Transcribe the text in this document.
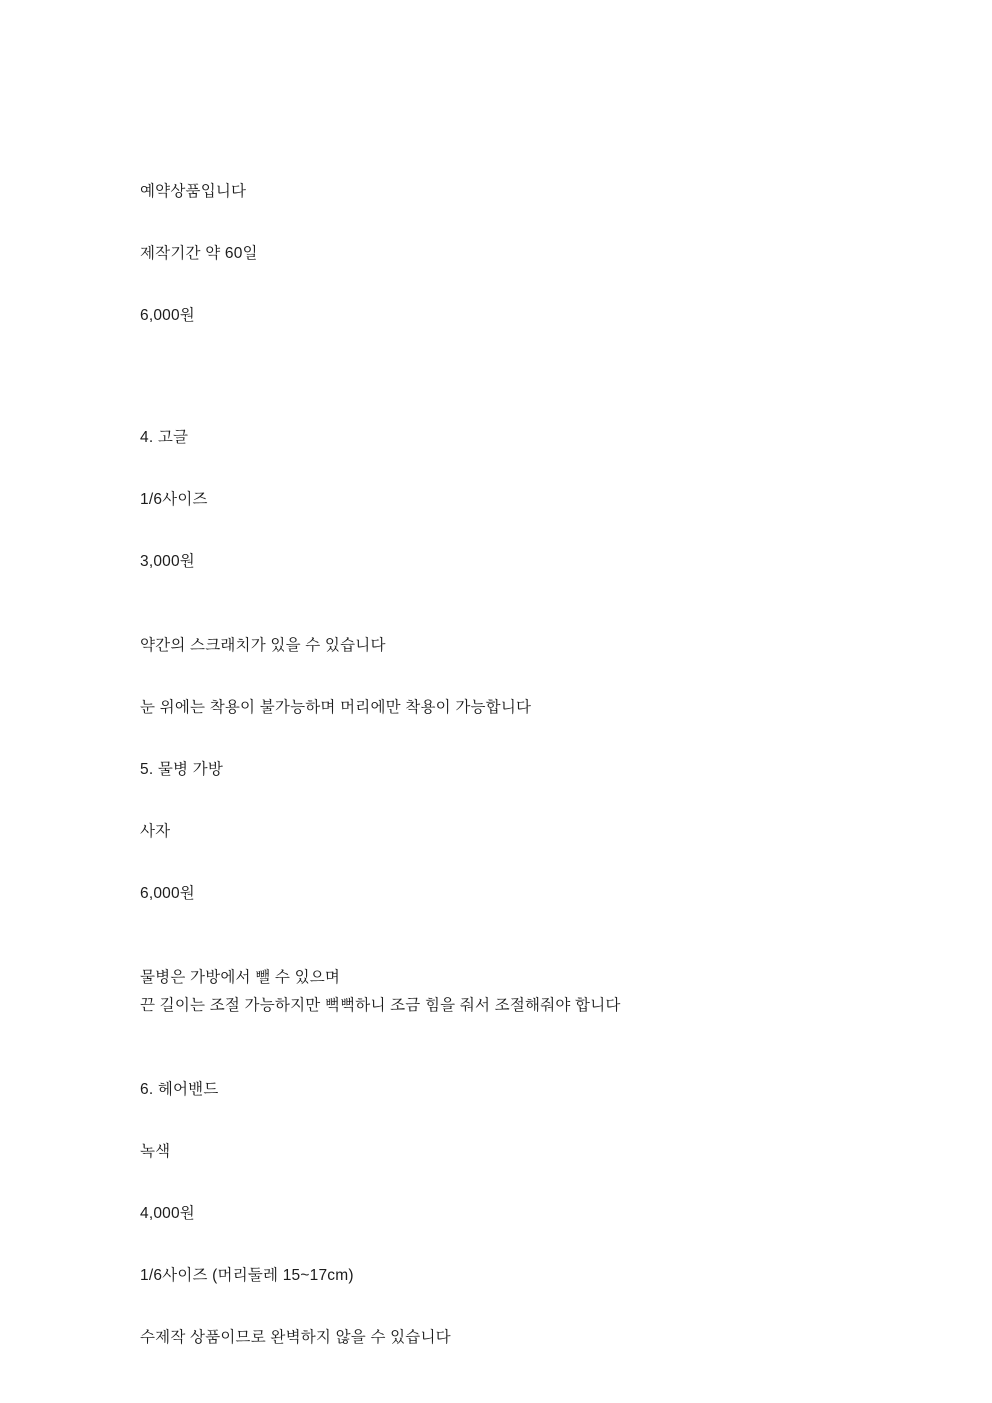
예약상품입니다

제작기간 약 60일

6,000원

4. 고글

1/6사이즈

3,000원

약간의 스크래치가 있을 수 있습니다

눈 위에는 착용이 불가능하며 머리에만 착용이 가능합니다

5. 물병 가방

사자

6,000원

물병은 가방에서 뺄 수 있으며

끈 길이는 조절 가능하지만 뻑뻑하니 조금 힘을 줘서 조절해줘야 합니다

6. 헤어밴드

녹색

4,000원

1/6사이즈 (머리둘레 15~17cm)

수제작 상품이므로 완벽하지 않을 수 있습니다
